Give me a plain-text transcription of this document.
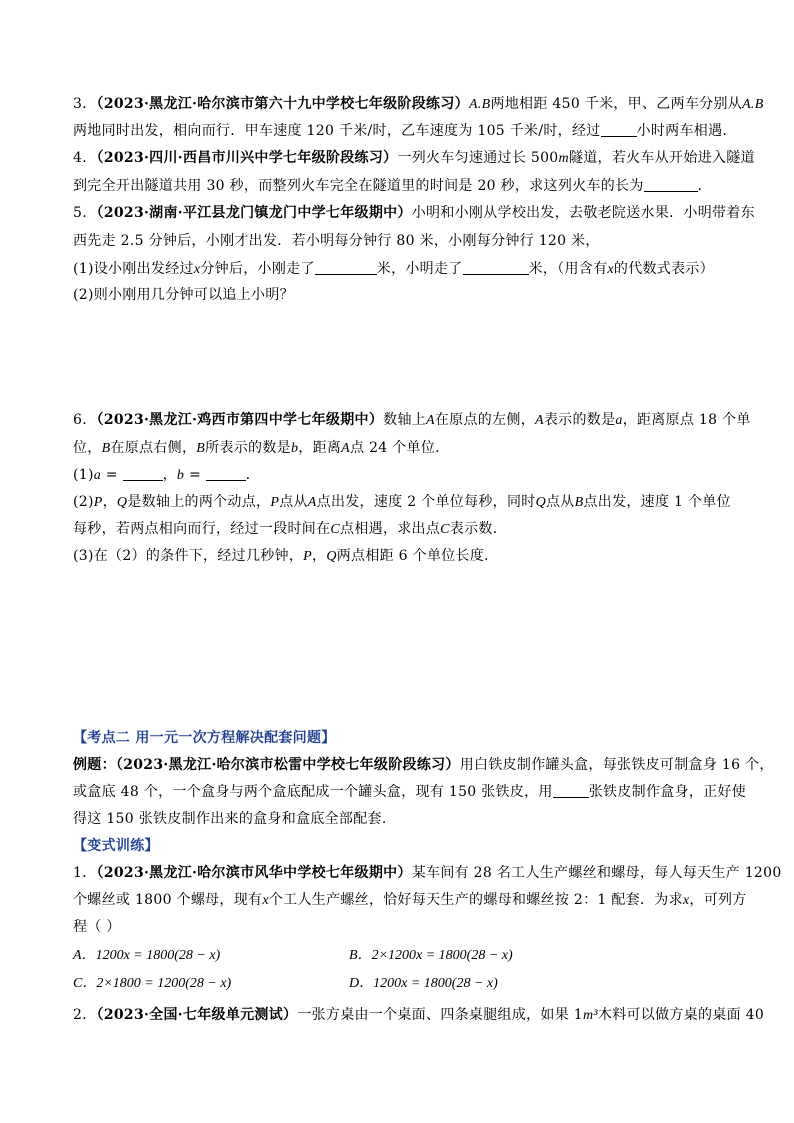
3．（2023·黑龙江·哈尔滨市第六十九中学校七年级阶段练习）A.B两地相距 450 千米，甲、乙两车分别从A.B
两地同时出发，相向而行．甲车速度 120 千米/时，乙车速度为 105 千米/时，经过	小时两车相遇．
4．（2023·四川·西昌市川兴中学七年级阶段练习）一列火车匀速通过长 500m隧道，若火车从开始进入隧道
到完全开出隧道共用 30 秒，而整列火车完全在隧道里的时间是 20 秒，求这列火车的长为	．
5．（2023·湖南·平江县龙门镇龙门中学七年级期中）小明和小刚从学校出发，去敬老院送水果．小明带着东
西先走 2.5 分钟后，小刚才出发．若小明每分钟行 80 米，小刚每分钟行 120 米，
(1)设小刚出发经过x分钟后，小刚走了	米，小明走了	米，（用含有x的代数式表示）
(2)则小刚用几分钟可以追上小明？
6．（2023·黑龙江·鸡西市第四中学七年级期中）数轴上A在原点的左侧，A表示的数是a，距离原点 18 个单
位，B在原点右侧，B所表示的数是b，距离A点 24 个单位．
(1)a =	，b =	．
(2)P，Q是数轴上的两个动点，P点从A点出发，速度 2 个单位每秒，同时Q点从B点出发，速度 1 个单位
每秒，若两点相向而行，经过一段时间在C点相遇，求出点C表示数．
(3)在（2）的条件下，经过几秒钟，P，Q两点相距 6 个单位长度．
【考点二 用一元一次方程解决配套问题】
例题：（2023·黑龙江·哈尔滨市松雷中学校七年级阶段练习）用白铁皮制作罐头盒，每张铁皮可制盒身 16 个，
或盒底 48 个，一个盒身与两个盒底配成一个罐头盒，现有 150 张铁皮，用	张铁皮制作盒身，正好使
得这 150 张铁皮制作出来的盒身和盒底全部配套．
【变式训练】
1．（2023·黑龙江·哈尔滨市风华中学校七年级期中）某车间有 28 名工人生产螺丝和螺母，每人每天生产 1200
个螺丝或 1800 个螺母，现有x个工人生产螺丝，恰好每天生产的螺母和螺丝按 2：1 配套．为求x，可列方
程（ ）
A．1200x = 1800(28 − x)	B．2×1200x = 1800(28 − x)
C．2×1800 = 1200(28 − x)	D．1200x = 1800(28 − x)
2．（2023·全国·七年级单元测试）一张方桌由一个桌面、四条桌腿组成，如果 1m³木料可以做方桌的桌面 40
